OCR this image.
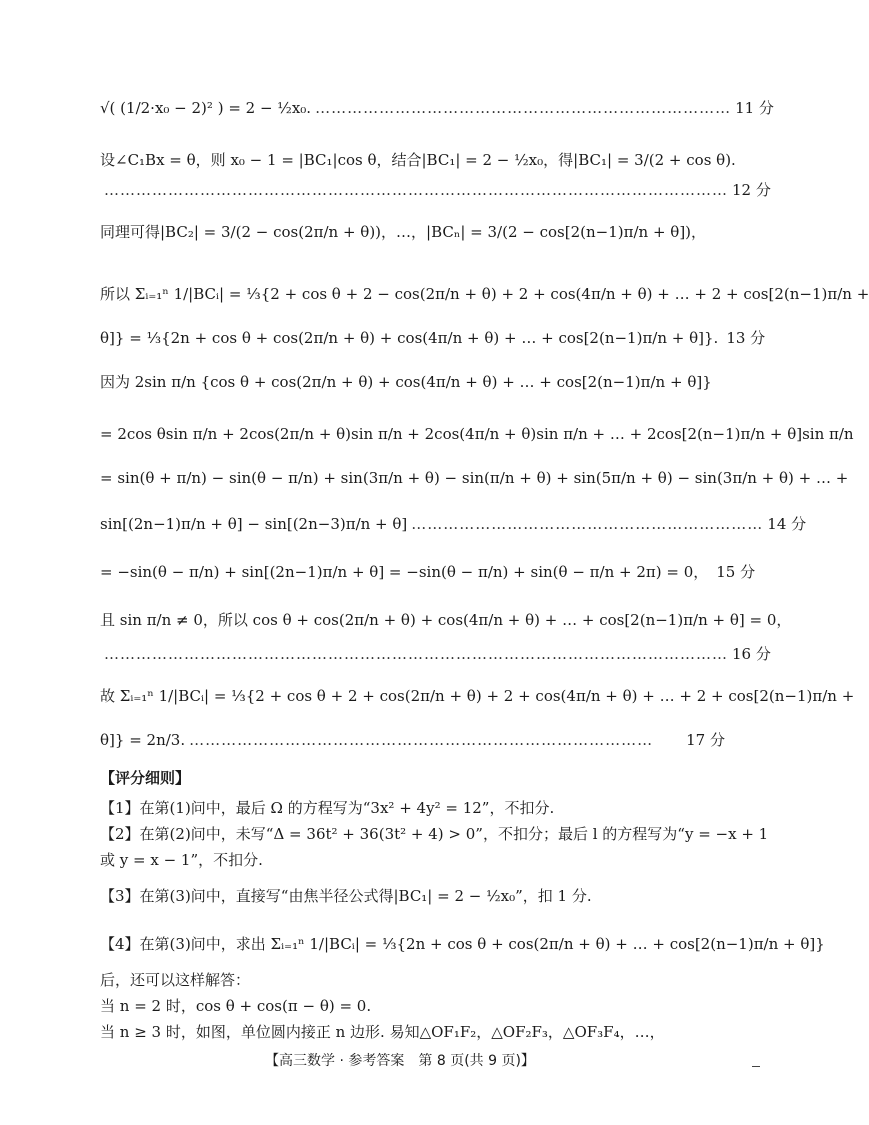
√( (1/2·x₀ − 2)² ) = 2 − ½x₀. …………………………………………………………………… 11 分
设∠C₁Bx = θ，则 x₀ − 1 = |BC₁|cos θ，结合|BC₁| = 2 − ½x₀，得|BC₁| = 3/(2 + cos θ).
……………………………………………………………………………………………………… 12 分
同理可得|BC₂| = 3/(2 − cos(2π/n + θ))，…，|BCₙ| = 3/(2 − cos[2(n−1)π/n + θ])，
所以 Σᵢ₌₁ⁿ 1/|BCᵢ| = ⅓{2 + cos θ + 2 − cos(2π/n + θ) + 2 + cos(4π/n + θ) + … + 2 + cos[2(n−1)π/n +
θ]} = ⅓{2n + cos θ + cos(2π/n + θ) + cos(4π/n + θ) + … + cos[2(n−1)π/n + θ]}. 13 分
因为 2sin π/n {cos θ + cos(2π/n + θ) + cos(4π/n + θ) + … + cos[2(n−1)π/n + θ]}
= 2cos θsin π/n + 2cos(2π/n + θ)sin π/n + 2cos(4π/n + θ)sin π/n + … + 2cos[2(n−1)π/n + θ]sin π/n
= sin(θ + π/n) − sin(θ − π/n) + sin(3π/n + θ) − sin(π/n + θ) + sin(5π/n + θ) − sin(3π/n + θ) + … +
sin[(2n−1)π/n + θ] − sin[(2n−3)π/n + θ] ………………………………………………………… 14 分
= −sin(θ − π/n) + sin[(2n−1)π/n + θ] = −sin(θ − π/n) + sin(θ − π/n + 2π) = 0， 15 分
且 sin π/n ≠ 0，所以 cos θ + cos(2π/n + θ) + cos(4π/n + θ) + … + cos[2(n−1)π/n + θ] = 0，
……………………………………………………………………………………………………… 16 分
故 Σᵢ₌₁ⁿ 1/|BCᵢ| = ⅓{2 + cos θ + 2 + cos(2π/n + θ) + 2 + cos(4π/n + θ) + … + 2 + cos[2(n−1)π/n +
θ]} = 2n/3. ……………………………………………………………………………	17 分
【评分细则】
【1】在第(1)问中，最后 Ω 的方程写为“3x² + 4y² = 12”，不扣分.
【2】在第(2)问中，未写“Δ = 36t² + 36(3t² + 4) > 0”，不扣分；最后 l 的方程写为“y = −x + 1
或 y = x − 1”，不扣分.
【3】在第(3)问中，直接写“由焦半径公式得|BC₁| = 2 − ½x₀”，扣 1 分.
【4】在第(3)问中，求出 Σᵢ₌₁ⁿ 1/|BCᵢ| = ⅓{2n + cos θ + cos(2π/n + θ) + … + cos[2(n−1)π/n + θ]}
后，还可以这样解答：
当 n = 2 时，cos θ + cos(π − θ) = 0.
当 n ≥ 3 时，如图，单位圆内接正 n 边形. 易知△OF₁F₂，△OF₂F₃，△OF₃F₄，…，
【高三数学 · 参考答案　第 8 页(共 9 页)】
